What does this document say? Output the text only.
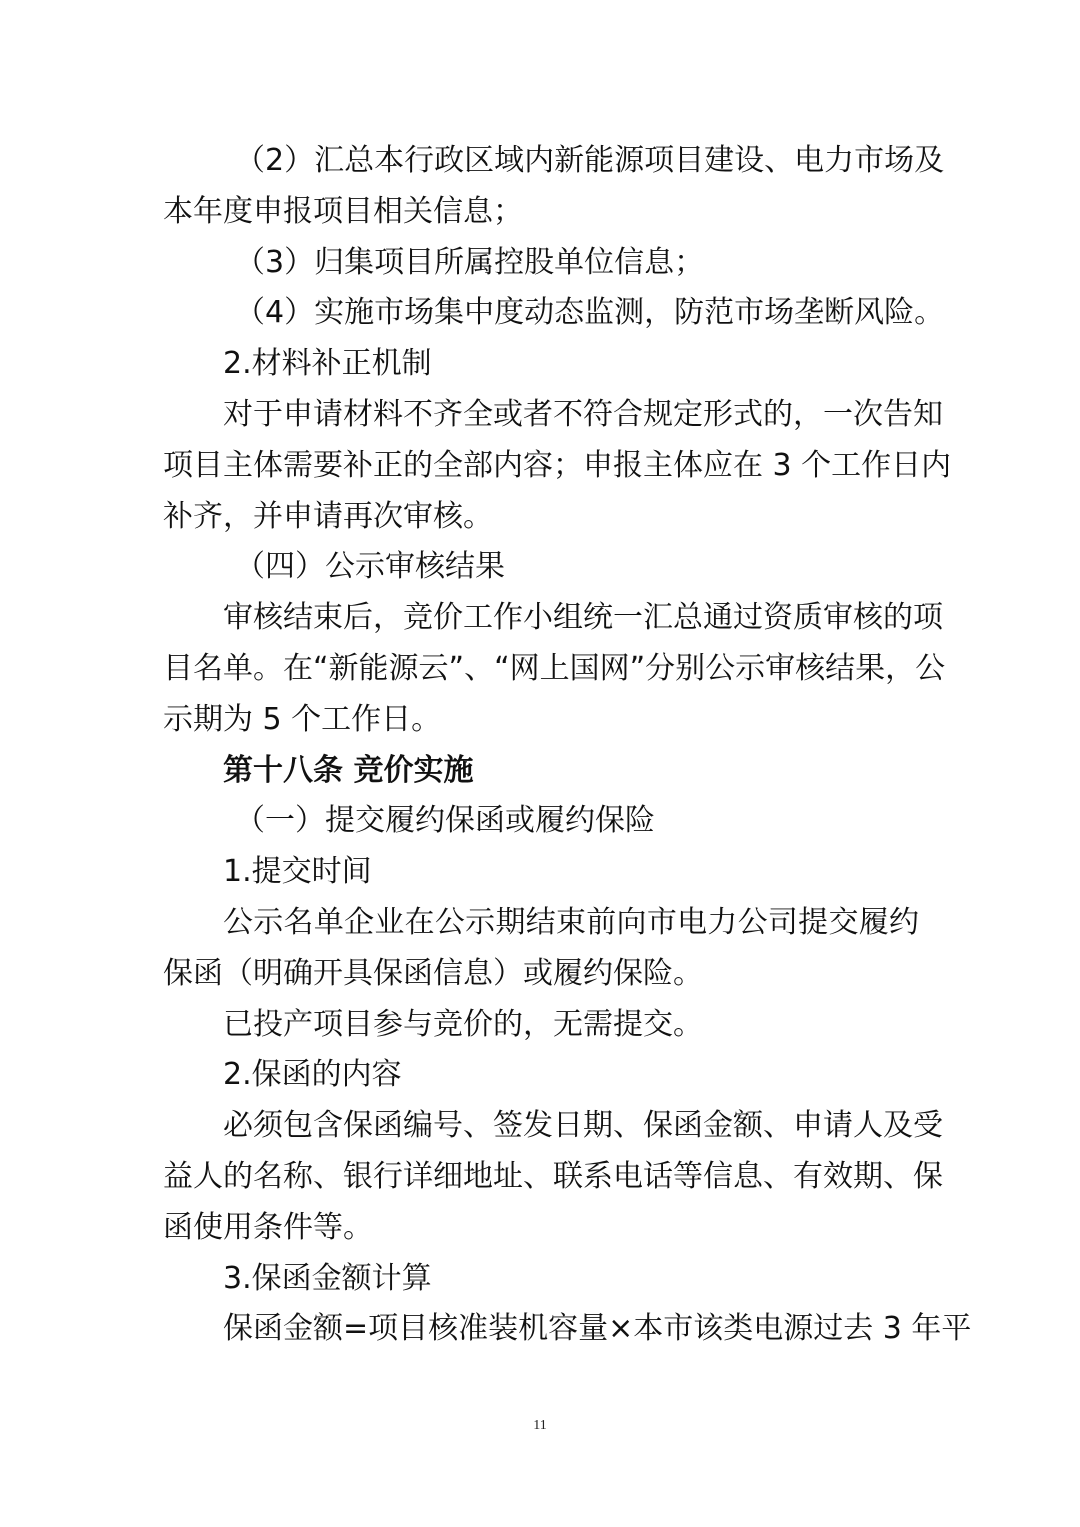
（2）汇总本行政区域内新能源项目建设、电力市场及
本年度申报项目相关信息；
（3）归集项目所属控股单位信息；
（4）实施市场集中度动态监测，防范市场垄断风险。
2.材料补正机制
对于申请材料不齐全或者不符合规定形式的，一次告知
项目主体需要补正的全部内容；申报主体应在 3 个工作日内
补齐，并申请再次审核。
（四）公示审核结果
审核结束后，竞价工作小组统一汇总通过资质审核的项
目名单。在“新能源云”、“网上国网”分别公示审核结果，公
示期为 5 个工作日。
第十八条 竞价实施
（一）提交履约保函或履约保险
1.提交时间
公示名单企业在公示期结束前向市电力公司提交履约
保函（明确开具保函信息）或履约保险。
已投产项目参与竞价的，无需提交。
2.保函的内容
必须包含保函编号、签发日期、保函金额、申请人及受
益人的名称、银行详细地址、联系电话等信息、有效期、保
函使用条件等。
3.保函金额计算
保函金额=项目核准装机容量×本市该类电源过去 3 年平
11
